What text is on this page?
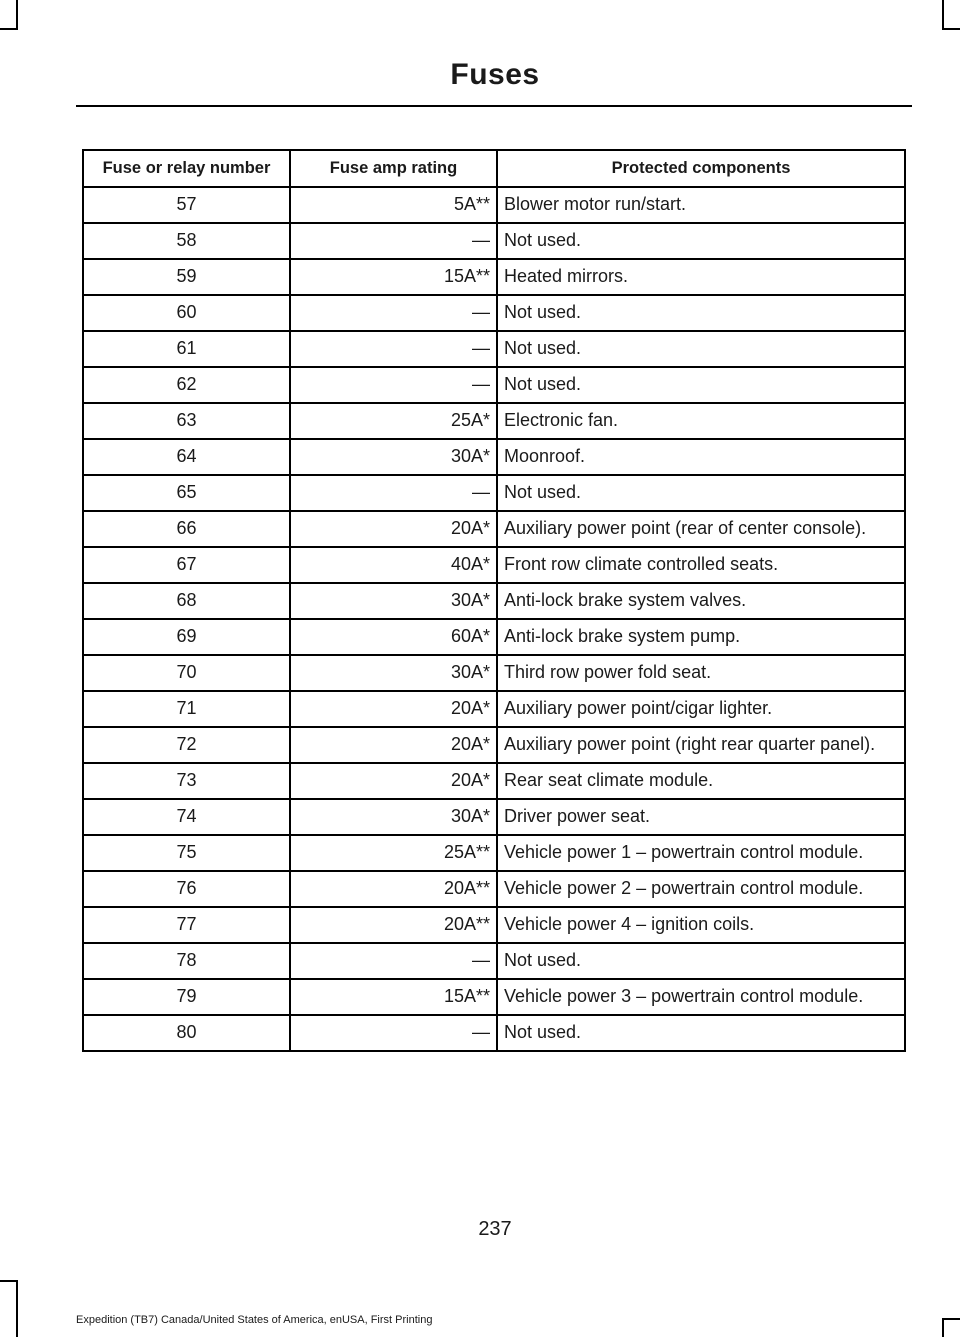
Fuses
Fuse or relay number	Fuse amp rating	Protected components
57	5A**	Blower motor run/start.
58	—	Not used.
59	15A**	Heated mirrors.
60	—	Not used.
61	—	Not used.
62	—	Not used.
63	25A*	Electronic fan.
64	30A*	Moonroof.
65	—	Not used.
66	20A*	Auxiliary power point (rear of center console).
67	40A*	Front row climate controlled seats.
68	30A*	Anti-lock brake system valves.
69	60A*	Anti-lock brake system pump.
70	30A*	Third row power fold seat.
71	20A*	Auxiliary power point/cigar lighter.
72	20A*	Auxiliary power point (right rear quarter panel).
73	20A*	Rear seat climate module.
74	30A*	Driver power seat.
75	25A**	Vehicle power 1 – powertrain control module.
76	20A**	Vehicle power 2 – powertrain control module.
77	20A**	Vehicle power 4 – ignition coils.
78	—	Not used.
79	15A**	Vehicle power 3 – powertrain control module.
80	—	Not used.
237
Expedition (TB7) Canada/United States of America, enUSA, First Printing
